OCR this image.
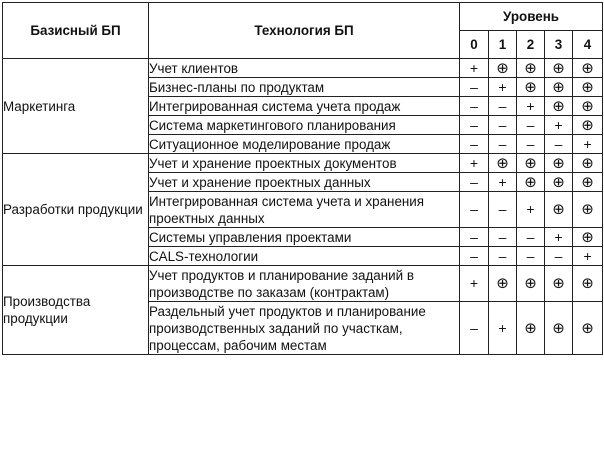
Базисный БП	Технология БП	Уровень				
		0	1	2	3	4
Маркетинга	Учет клиентов	+	⊕	⊕	⊕	⊕
	Бизнес-планы по продуктам	–	+	⊕	⊕	⊕
	Интегрированная система учета продаж	–	–	+	⊕	⊕
	Система маркетингового планирования	–	–	–	+	⊕
	Ситуационное моделирование продаж	–	–	–	–	+
Разработки продукции	Учет и хранение проектных документов	+	⊕	⊕	⊕	⊕
	Учет и хранение проектных данных	–	+	⊕	⊕	⊕
	Интегрированная система учета и хранения проектных данных	–	–	+	⊕	⊕
	Системы управления проектами	–	–	–	+	⊕
	CALS-технологии	–	–	–	–	+
Производства продукции	Учет продуктов и планирование заданий в производстве по заказам (контрактам)	+	⊕	⊕	⊕	⊕
	Раздельный учет продуктов и планирование производственных заданий по участкам, процессам, рабочим местам	–	+	⊕	⊕	⊕
